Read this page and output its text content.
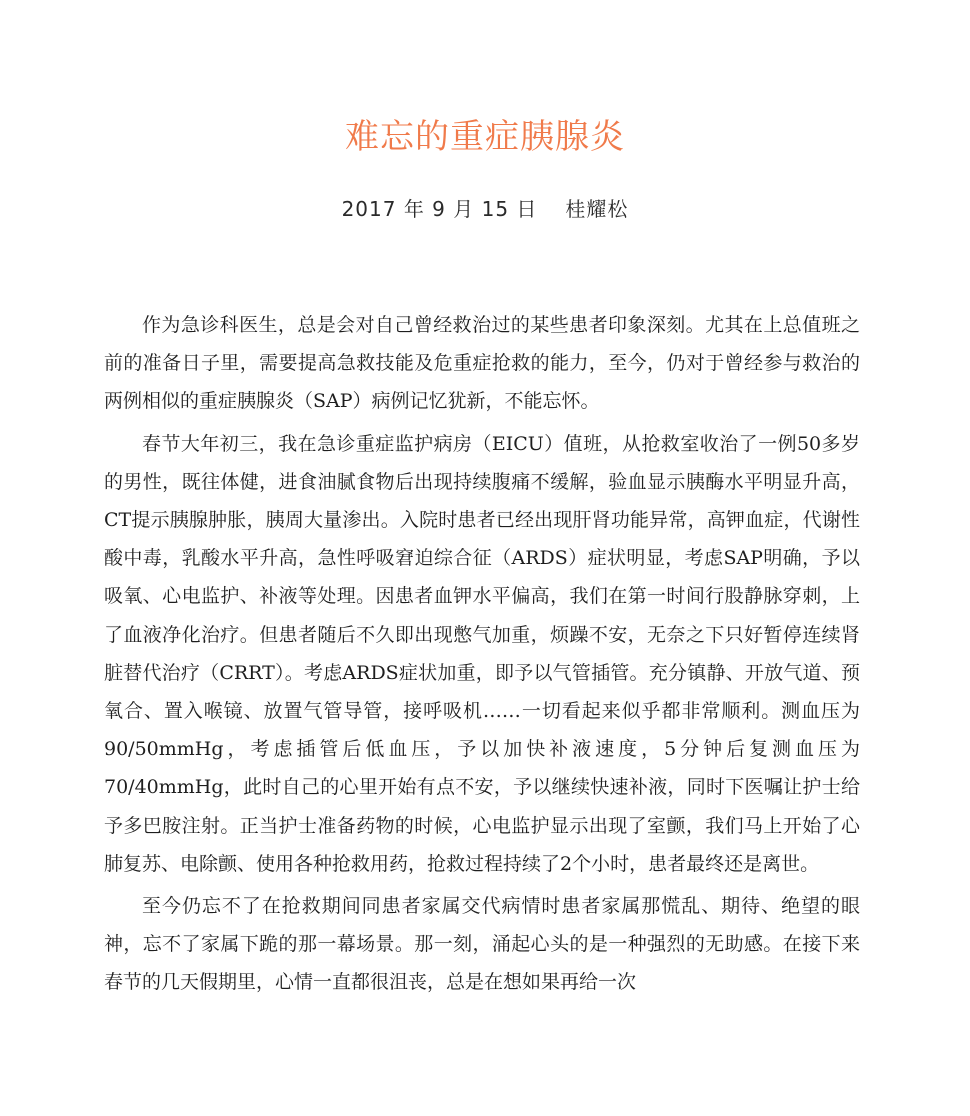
难忘的重症胰腺炎
2017 年 9 月 15 日 桂耀松

作为急诊科医生，总是会对自己曾经救治过的某些患者印象深刻。尤其在上总值班之前的准备日子里，需要提高急救技能及危重症抢救的能力，至今，仍对于曾经参与救治的两例相似的重症胰腺炎（SAP）病例记忆犹新，不能忘怀。

春节大年初三，我在急诊重症监护病房（EICU）值班，从抢救室收治了一例50多岁的男性，既往体健，进食油腻食物后出现持续腹痛不缓解，验血显示胰酶水平明显升高，CT提示胰腺肿胀，胰周大量渗出。入院时患者已经出现肝肾功能异常，高钾血症，代谢性酸中毒，乳酸水平升高，急性呼吸窘迫综合征（ARDS）症状明显，考虑SAP明确，予以吸氧、心电监护、补液等处理。因患者血钾水平偏高，我们在第一时间行股静脉穿刺，上了血液净化治疗。但患者随后不久即出现憋气加重，烦躁不安，无奈之下只好暂停连续肾脏替代治疗（CRRT）。考虑ARDS症状加重，即予以气管插管。充分镇静、开放气道、预氧合、置入喉镜、放置气管导管，接呼吸机……一切看起来似乎都非常顺利。测血压为90/50mmHg，考虑插管后低血压，予以加快补液速度，5分钟后复测血压为70/40mmHg，此时自己的心里开始有点不安，予以继续快速补液，同时下医嘱让护士给予多巴胺注射。正当护士准备药物的时候，心电监护显示出现了室颤，我们马上开始了心肺复苏、电除颤、使用各种抢救用药，抢救过程持续了2个小时，患者最终还是离世。

至今仍忘不了在抢救期间同患者家属交代病情时患者家属那慌乱、期待、绝望的眼神，忘不了家属下跪的那一幕场景。那一刻，涌起心头的是一种强烈的无助感。在接下来春节的几天假期里，心情一直都很沮丧，总是在想如果再给一次
